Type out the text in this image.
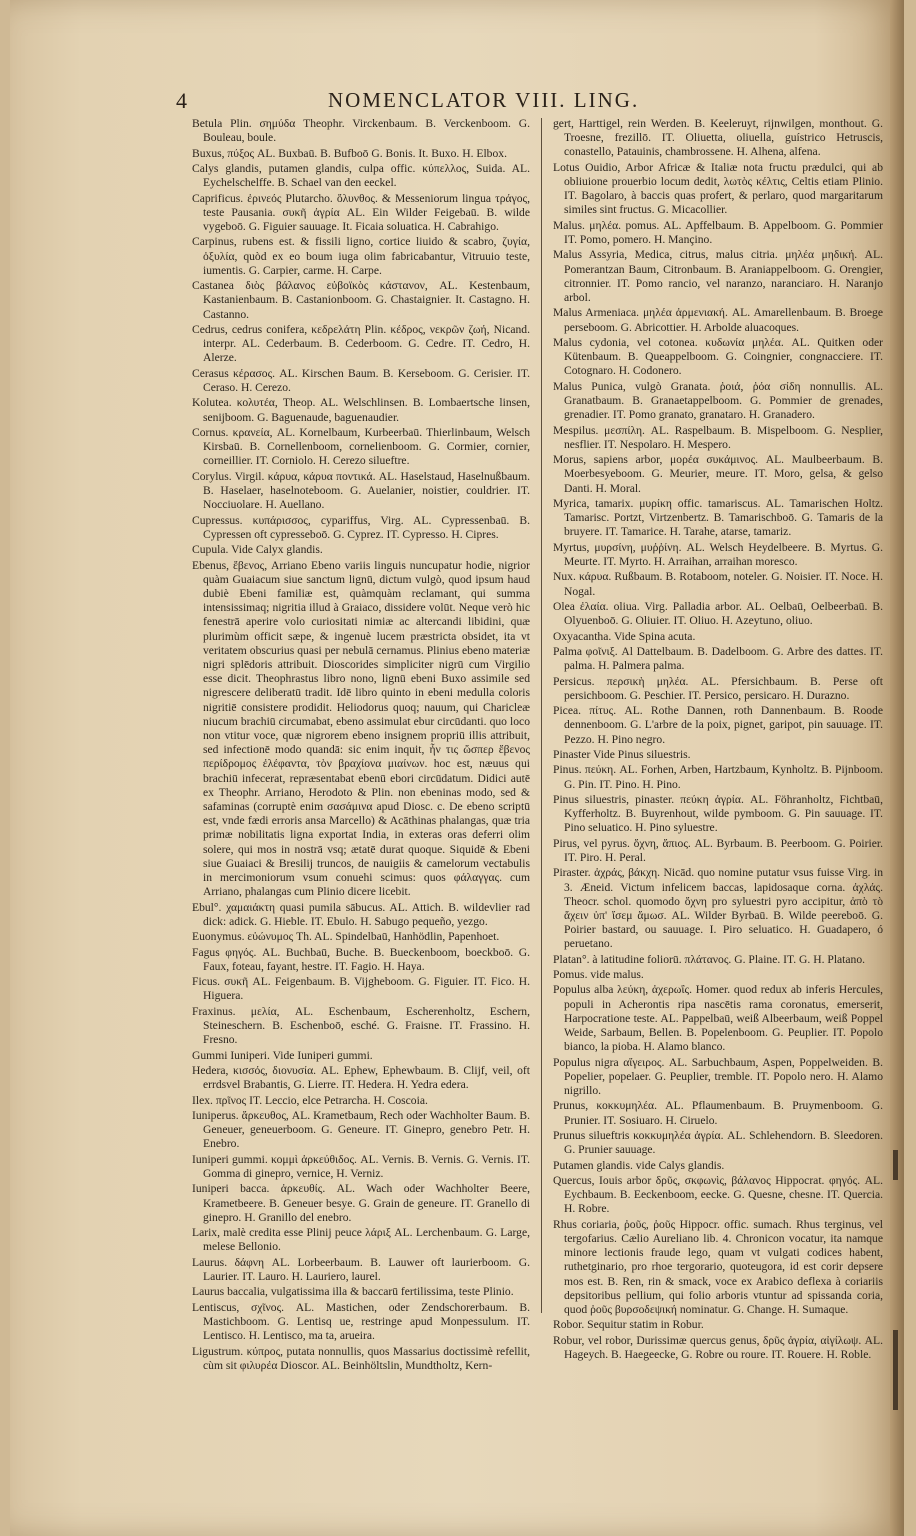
4	NOMENCLATOR VIII. LING.

Betula Plin. σημύδα Theophr. Virckenbaum. B. Verckenboom. G. Bouleau, boule.

Buxus, πύξος AL. Buxbaū. B. Bufboō G. Bonis. It. Buxo. H. Elbox.

Calys glandis, putamen glandis, culpa offic. κύπελλος, Suida. AL. Eychelschelffe. B. Schael van den eeckel.

Caprificus. ἐρινεός Plutarcho. ὄλυνθος. & Messeniorum lingua τράγος, teste Pausania. συκῆ ἀγρία AL. Ein Wilder Feigebaū. B. wilde vygeboō. G. Figuier sauuage. It. Ficaia soluatica. H. Cabrahigo.

Carpinus, rubens est. & fissili ligno, cortice liuido & scabro, ζυγία, ὀξυλία, quòd ex eo boum iuga olim fabricabantur, Vitruuio teste, iumentis. G. Carpier, carme. H. Carpe.

Castanea διὸς βάλανος εὐβοϊκὸς κάστανον, AL. Kestenbaum, Kastanienbaum. B. Castanionboom. G. Chastaignier. It. Castagno. H. Castanno.

Cedrus, cedrus conifera, κεδρελάτη Plin. κέδρος, νεκρῶν ζωή, Nicand. interpr. AL. Cederbaum. B. Cederboom. G. Cedre. IT. Cedro, H. Alerze.

Cerasus κέρασος. AL. Kirschen Baum. B. Kerseboom. G. Cerisier. IT. Ceraso. H. Cerezo.

Kolutea. κολυτέα, Theop. AL. Welschlinsen. B. Lombaertsche linsen, senijboom. G. Baguenaude, baguenaudier.

Cornus. κρανεία, AL. Kornelbaum, Kurbeerbaū. Thierlinbaum, Welsch Kirsbaū. B. Cornellenboom, cornelienboom. G. Cormier, cornier, corneillier. IT. Corniolo. H. Cerezo silueftre.

Corylus. Virgil. κάρυα, κάρυα ποντικά. AL. Haselstaud, Haselnußbaum. B. Haselaer, haselnoteboom. G. Auelanier, noistier, couldrier. IT. Nocciuolare. H. Auellano.

Cupressus. κυπάρισσος, cypariffus, Virg. AL. Cypressenbaū. B. Cypressen oft cypresseboō. G. Cyprez. IT. Cypresso. H. Cipres.

Cupula. Vide Calyx glandis.

Ebenus, ἔβενος, Arriano Ebeno variis linguis nuncupatur hodie, nigrior quàm Guaiacum siue sanctum lignū, dictum vulgò, quod ipsum haud dubiè Ebeni familiæ est, quàmquàm reclamant, qui summa intensissimaq; nigritia illud à Graiaco, dissidere volūt. Neque verò hic fenestrā aperire volo curiositati nimiæ ac altercandi libidini, quæ plurimùm officit sæpe, & ingenuè lucem præstricta obsidet, ita vt veritatem obscurius quasi per nebulā cernamus. Plinius ebeno materiæ nigri splēdoris attribuit. Dioscorides simpliciter nigrū cum Virgilio esse dicit. Theophrastus libro nono, lignū ebeni Buxo assimile sed nigrescere deliberatū tradit. Idē libro quinto in ebeni medulla coloris nigritiē consistere prodidit. Heliodorus quoq; nauum, qui Charicleæ niucum brachiū circumabat, ebeno assimulat ebur circūdanti. quo loco non vtitur voce, quæ nigrorem ebeno insignem propriū illis attribuit, sed infectionē modo quandā: sic enim inquit, ἦν τις ὥσπερ ἔβενος περίδρομος ἐλέφαντα, τὸν βραχίονα μιαίνων. hoc est, næuus qui brachiū infecerat, repræsentabat ebenū ebori circūdatum. Didici autē ex Theophr. Arriano, Herodoto & Plin. non ebeninas modo, sed & safaminas (corruptè enim σασάμινα apud Diosc. c. De ebeno scriptū est, vnde fædi erroris ansa Marcello) & Acāthinas phalangas, quæ tria primæ nobilitatis ligna exportat India, in exteras oras deferri olim solere, qui mos in nostrā vsq; ætatē durat quoque. Siquidē & Ebeni siue Guaiaci & Bresilij truncos, de nauigiis & camelorum vectabulis in mercimoniorum vsum conuehi scimus: quos φάλαγγας. cum Arriano, phalangas cum Plinio dicere licebit.

Ebul°. χαμαιάκτη quasi pumila sābucus. AL. Attich. B. wildevlier rad dick: adick. G. Hieble. IT. Ebulo. H. Sabugo pequeño, yezgo.

Euonymus. εὐώνυμος Th. AL. Spindelbaū, Hanhödlin, Papenhoet.

Fagus φηγός. AL. Buchbaū, Buche. B. Bueckenboom, boeckboō. G. Faux, foteau, fayant, hestre. IT. Fagio. H. Haya.

Ficus. συκῆ AL. Feigenbaum. B. Vijgheboom. G. Figuier. IT. Fico. H. Higuera.

Fraxinus. μελία, AL. Eschenbaum, Escherenholtz, Eschern, Steineschern. B. Eschenboō, esché. G. Fraisne. IT. Frassino. H. Fresno.

Gummi Iuniperi. Vide Iuniperi gummi.

Hedera, κισσός, διονυσία. AL. Ephew, Ephewbaum. B. Clijf, veil, oft errdsvel Brabantis, G. Lierre. IT. Hedera. H. Yedra edera.

Ilex. πρῖνος IT. Leccio, elce Petrarcha. H. Coscoia.

Iuniperus. ἄρκευθος, AL. Krametbaum, Rech oder Wachholter Baum. B. Geneuer, geneuerboom. G. Geneure. IT. Ginepro, genebro Petr. H. Enebro.

Iuniperi gummi. κομμὶ ἀρκεύθιδος. AL. Vernis. B. Vernis. G. Vernis. IT. Gomma di ginepro, vernice, H. Verniz.

Iuniperi bacca. ἀρκευθίς. AL. Wach oder Wachholter Beere, Krametbeere. B. Geneuer besye. G. Grain de geneure. IT. Granello di ginepro. H. Granillo del enebro.

Larix, malè credita esse Plinij peuce λάριξ AL. Lerchenbaum. G. Large, melese Bellonio.

Laurus. δάφνη AL. Lorbeerbaum. B. Lauwer oft laurierboom. G. Laurier. IT. Lauro. H. Lauriero, laurel.

Laurus baccalia, vulgatissima illa & baccarū fertilissima, teste Plinio.

Lentiscus, σχῖνος. AL. Mastichen, oder Zendschorerbaum. B. Mastichboom. G. Lentisq ue, restringe apud Monpessulum. IT. Lentisco. H. Lentisco, ma ta, arueira.

Ligustrum. κύπρος, putata nonnullis, quos Massarius doctissimè refellit, cùm sit φιλυρέα Dioscor. AL. Beinhöltslin, Mundtholtz, Kern-

gert, Harttigel, rein Werden. B. Keeleruyt, rijnwilgen, monthout. G. Troesne, frezillō. IT. Oliuetta, oliuella, guístrico Hetruscis, conastello, Patauinis, chambrossene. H. Alhena, alfena.

Lotus Ouidio, Arbor Africæ & Italiæ nota fructu prædulci, qui ab obliuione prouerbio locum dedit, λωτὸς κέλτις, Celtis etiam Plinio. IT. Bagolaro, à baccis quas profert, & perlaro, quod margaritarum similes sint fructus. G. Micacollier.

Malus. μηλέα. pomus. AL. Apffelbaum. B. Appelboom. G. Pommier IT. Pomo, pomero. H. Mançino.

Malus Assyria, Medica, citrus, malus citria. μηλέα μηδική. AL. Pomerantzan Baum, Citronbaum. B. Araniappelboom. G. Orengier, citronnier. IT. Pomo rancio, vel naranzo, naranciaro. H. Naranjo arbol.

Malus Armeniaca. μηλέα ἀρμενιακή. AL. Amarellenbaum. B. Broege perseboom. G. Abricottier. H. Arbolde aluacoques.

Malus cydonia, vel cotonea. κυδωνία μηλέα. AL. Quitken oder Kütenbaum. B. Queappelboom. G. Coingnier, congnacciere. IT. Cotognaro. H. Codonero.

Malus Punica, vulgò Granata. ῥοιά, ῥόα σίδη nonnullis. AL. Granatbaum. B. Granaetappelboom. G. Pommier de grenades, grenadier. IT. Pomo granato, granataro. H. Granadero.

Mespilus. μεσπίλη. AL. Raspelbaum. B. Mispelboom. G. Nesplier, nesflier. IT. Nespolaro. H. Mespero.

Morus, sapiens arbor, μορέα συκάμινος. AL. Maulbeerbaum. B. Moerbesyeboom. G. Meurier, meure. IT. Moro, gelsa, & gelso Danti. H. Moral.

Myrica, tamarix. μυρίκη offic. tamariscus. AL. Tamarischen Holtz. Tamarisc. Portzt, Virtzenbertz. B. Tamarischboō. G. Tamaris de la bruyere. IT. Tamarice. H. Tarahe, atarse, tamariz.

Myrtus, μυρσίνη, μυῤῥίνη. AL. Welsch Heydelbeere. B. Myrtus. G. Meurte. IT. Myrto. H. Arraihan, arraihan moresco.

Nux. κάρυα. Rußbaum. B. Rotaboom, noteler. G. Noisier. IT. Noce. H. Nogal.

Olea ἐλαία. oliua. Virg. Palladia arbor. AL. Oelbaū, Oelbeerbaū. B. Olyuenboō. G. Oliuier. IT. Oliuo. H. Azeytuno, oliuo.

Oxyacantha. Vide Spina acuta.

Palma φοῖνιξ. Al Dattelbaum. B. Dadelboom. G. Arbre des dattes. IT. palma. H. Palmera palma.

Persicus. περσικὴ μηλέα. AL. Pfersichbaum. B. Perse oft persichboom. G. Peschier. IT. Persico, persicaro. H. Durazno.

Picea. πίτυς. AL. Rothe Dannen, roth Dannenbaum. B. Roode dennenboom. G. L'arbre de la poix, pignet, garipot, pin sauuage. IT. Pezzo. H. Pino negro.

Pinaster Vide Pinus siluestris.

Pinus. πεύκη. AL. Forhen, Arben, Hartzbaum, Kynholtz. B. Pijnboom. G. Pin. IT. Pino. H. Pino.

Pinus siluestris, pinaster. πεύκη ἀγρία. AL. Föhranholtz, Fichtbaū, Kyfferholtz. B. Buyrenhout, wilde pymboom. G. Pin sauuage. IT. Pino seluatico. H. Pino syluestre.

Pirus, vel pyrus. ὄχνη, ἄπιος. AL. Byrbaum. B. Peerboom. G. Poirier. IT. Piro. H. Peral.

Piraster. ἀχράς, βάκχη. Nicād. quo nomine putatur vsus fuisse Virg. in 3. Æneid. Victum infelicem baccas, lapidosaque corna. ἀχλάς. Theocr. schol. quomodo ὄχνη pro syluestri pyro accipitur, ἀπὸ τὸ ἄχειν ὑπ' ἴσεμ ἄμωσ. AL. Wilder Byrbaū. B. Wilde peereboō. G. Poirier bastard, ou sauuage. I. Piro seluatico. H. Guadapero, ó peruetano.

Platan°. à latitudine foliorū. πλάτανος. G. Plaine. IT. G. H. Platano.

Pomus. vide malus.

Populus alba λεύκη, ἀχερωΐς. Homer. quod redux ab inferis Hercules, populi in Acherontis ripa nascētis rama coronatus, emerserit, Harpocratione teste. AL. Pappelbaū, weiß Albeerbaum, weiß Poppel Weide, Sarbaum, Bellen. B. Popelenboom. G. Peuplier. IT. Popolo bianco, la pioba. H. Alamo blanco.

Populus nigra αἴγειρος. AL. Sarbuchbaum, Aspen, Poppelweiden. B. Popelier, popelaer. G. Peuplier, tremble. IT. Popolo nero. H. Alamo nigrillo.

Prunus, κοκκυμηλέα. AL. Pflaumenbaum. B. Pruymenboom. G. Prunier. IT. Sosiuaro. H. Ciruelo.

Prunus silueftris κοκκυμηλέα ἀγρία. AL. Schlehendorn. B. Sleedoren. G. Prunier sauuage.

Putamen glandis. vide Calys glandis.

Quercus, Iouis arbor δρῦς, σκφωνὶς, βάλανος Hippocrat. φηγός. AL. Eychbaum. B. Eeckenboom, eecke. G. Quesne, chesne. IT. Quercia. H. Robre.

Rhus coriaria, ῥοῦς, ῥοῦς Hippocr. offic. sumach. Rhus terginus, vel tergofarius. Cælio Aureliano lib. 4. Chronicon vocatur, ita namque minore lectionis fraude lego, quam vt vulgati codices habent, ruthetginario, pro rhoe tergorario, quoteugora, id est corir depsere mos est. B. Ren, rin & smack, voce ex Arabico deflexa à coriariis depsitoribus pellium, qui folio arboris vtuntur ad spissanda coria, quod ῥοῦς βυρσοδεψική nominatur. G. Change. H. Sumaque.

Robor. Sequitur statim in Robur.

Robur, vel robor, Durissimæ quercus genus, δρῦς ἀγρία, αἰγίλωψ. AL. Hageych. B. Haegeecke, G. Robre ou roure. IT. Rouere. H. Roble.
